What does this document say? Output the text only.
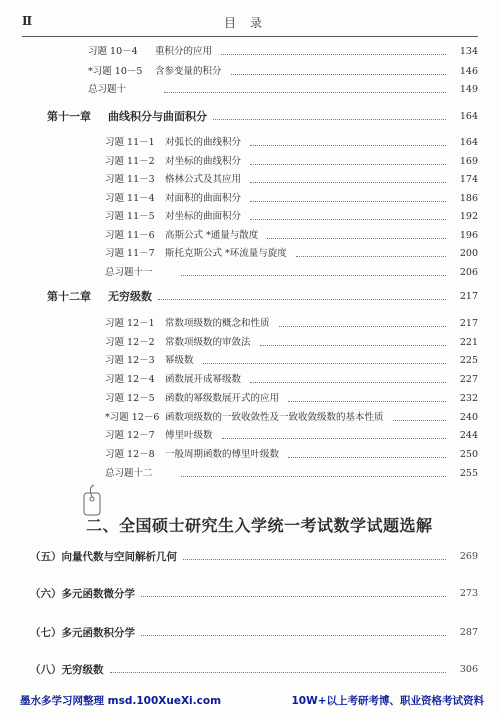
Ⅱ	目录
习题 10－4	重积分的应用	134
*习题 10－5	含参变量的积分	146
总习题十	149
第十一章 曲线积分与曲面积分	164
习题 11－1	对弧长的曲线积分	164
习题 11－2	对坐标的曲线积分	169
习题 11－3	格林公式及其应用	174
习题 11－4	对面积的曲面积分	186
习题 11－5	对坐标的曲面积分	192
习题 11－6	高斯公式 *通量与散度	196
习题 11－7	斯托克斯公式 *环流量与旋度	200
总习题十一	206
第十二章 无穷级数	217
习题 12－1	常数项级数的概念和性质	217
习题 12－2	常数项级数的审敛法	221
习题 12－3	幂级数	225
习题 12－4	函数展开成幂级数	227
习题 12－5	函数的幂级数展开式的应用	232
*习题 12－6 函数项级数的一致收敛性及一致收敛级数的基本性质	240
习题 12－7	傅里叶级数	244
习题 12－8	一般周期函数的傅里叶级数	250
总习题十二	255
二、全国硕士研究生入学统一考试数学试题选解
（五）向量代数与空间解析几何	269
（六）多元函数微分学	273
（七）多元函数积分学	287
（八）无穷级数	306
墨水多学习网整理 msd.100XueXi.com	10W+以上考研考博、职业资格考试资料
